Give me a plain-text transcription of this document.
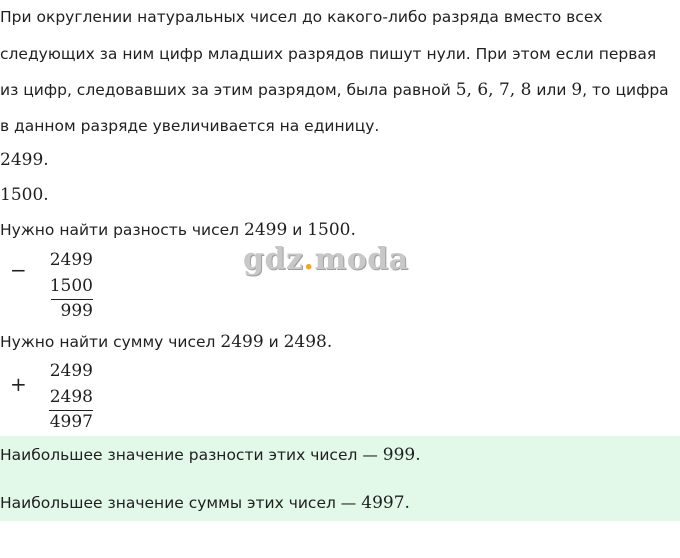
При округлении натуральных чисел до какого-либо разряда вместо всех
следующих за ним цифр младших разрядов пишут нули. При этом если первая
из цифр, следовавших за этим разрядом, была равной 5, 6, 7, 8 или 9, то цифра
в данном разряде увеличивается на единицу.
2499.
1500.
Нужно найти разность чисел 2499 и 1500.
− 2499
1500
999
gdz.moda
Нужно найти сумму чисел 2499 и 2498.
+
2499
2498
4997
Наибольшее значение разности этих чисел — 999.
Наибольшее значение суммы этих чисел — 4997.
